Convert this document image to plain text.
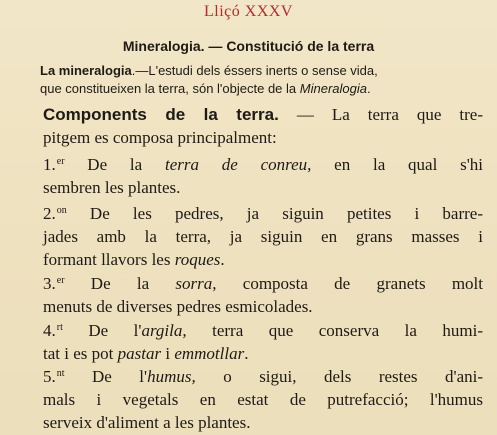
Lliçó XXXV
Mineralogia. — Constitució de la terra
La mineralogia.—L'estudi dels éssers inerts o sense vida,
que constitueixen la terra, són l'objecte de la Mineralogia.
Components de la terra. — La terra que tre-
pitgem es composa principalment:
1.$^{er}$ De la terra de conreu, en la qual s'hi
sembren les plantes.
2.$^{on}$ De les pedres, ja siguin petites i barre-
jades amb la terra, ja siguin en grans masses i
formant llavors les roques.
3.$^{er}$ De la sorra, composta de granets molt
menuts de diverses pedres esmicolades.
4.$^{rt}$ De l'argila, terra que conserva la humi-
tat i es pot pastar i emmotllar.
5.$^{nt}$ De l'humus, o sigui, dels restes d'ani-
mals i vegetals en estat de putrefacció; l'humus
serveix d'aliment a les plantes.
